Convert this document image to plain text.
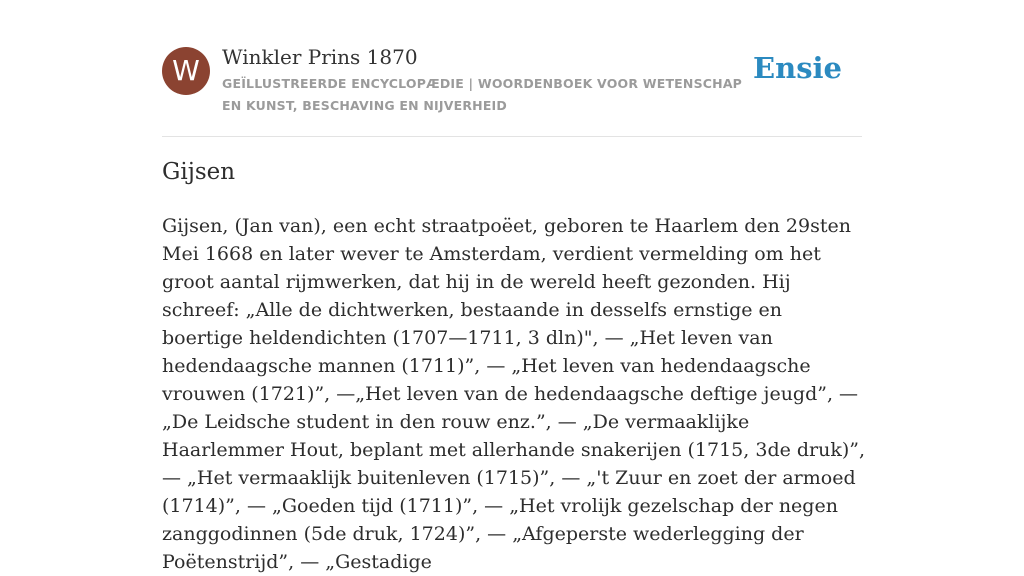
W	Winkler Prins 1870
GEÏLLUSTREERDE ENCYCLOPÆDIE | WOORDENBOEK VOOR WETENSCHAP EN KUNST, BESCHAVING EN NIJVERHEID
Ensie
Gijsen

Gijsen, (Jan van), een echt straatpoëet, geboren te Haarlem den 29sten Mei 1668 en later wever te Amsterdam, verdient vermelding om het groot aantal rijmwerken, dat hij in de wereld heeft gezonden. Hij schreef: „Alle de dichtwerken, bestaande in desselfs ernstige en boertige heldendichten (1707—1711, 3 dln)", — „Het leven van hedendaagsche mannen (1711)”, — „Het leven van hedendaagsche vrouwen (1721)”, —„Het leven van de hedendaagsche deftige jeugd”, — „De Leidsche student in den rouw enz.”, — „De vermaaklijke Haarlemmer Hout, beplant met allerhande snakerijen (1715, 3de druk)”, — „Het vermaaklijk buitenleven (1715)”, — „'t Zuur en zoet der armoed (1714)”, — „Goeden tijd (1711)”, — „Het vrolijk gezelschap der negen zanggodinnen (5de druk, 1724)”, — „Afgeperste wederlegging der Poëtenstrijd”, — „Gestadige
